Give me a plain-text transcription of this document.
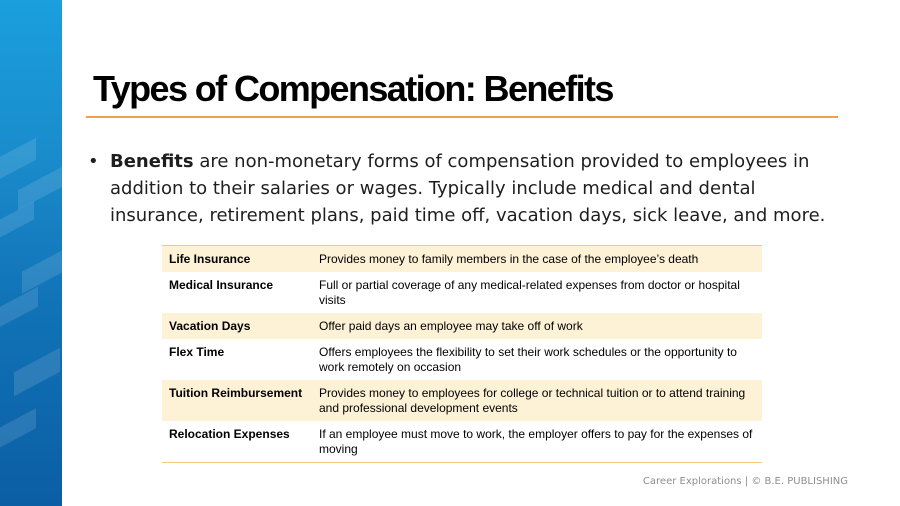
Types of Compensation: Benefits
• Benefits are non-monetary forms of compensation provided to employees in addition to their salaries or wages. Typically include medical and dental insurance, retirement plans, paid time off, vacation days, sick leave, and more.
Life Insurance	Provides money to family members in the case of the employee’s death
Medical Insurance	Full or partial coverage of any medical-related expenses from doctor or hospital visits
Vacation Days	Offer paid days an employee may take off of work
Flex Time	Offers employees the flexibility to set their work schedules or the opportunity to work remotely on occasion
Tuition Reimbursement	Provides money to employees for college or technical tuition or to attend training and professional development events
Relocation Expenses	If an employee must move to work, the employer offers to pay for the expenses of moving
Career Explorations | © B.E. PUBLISHING
